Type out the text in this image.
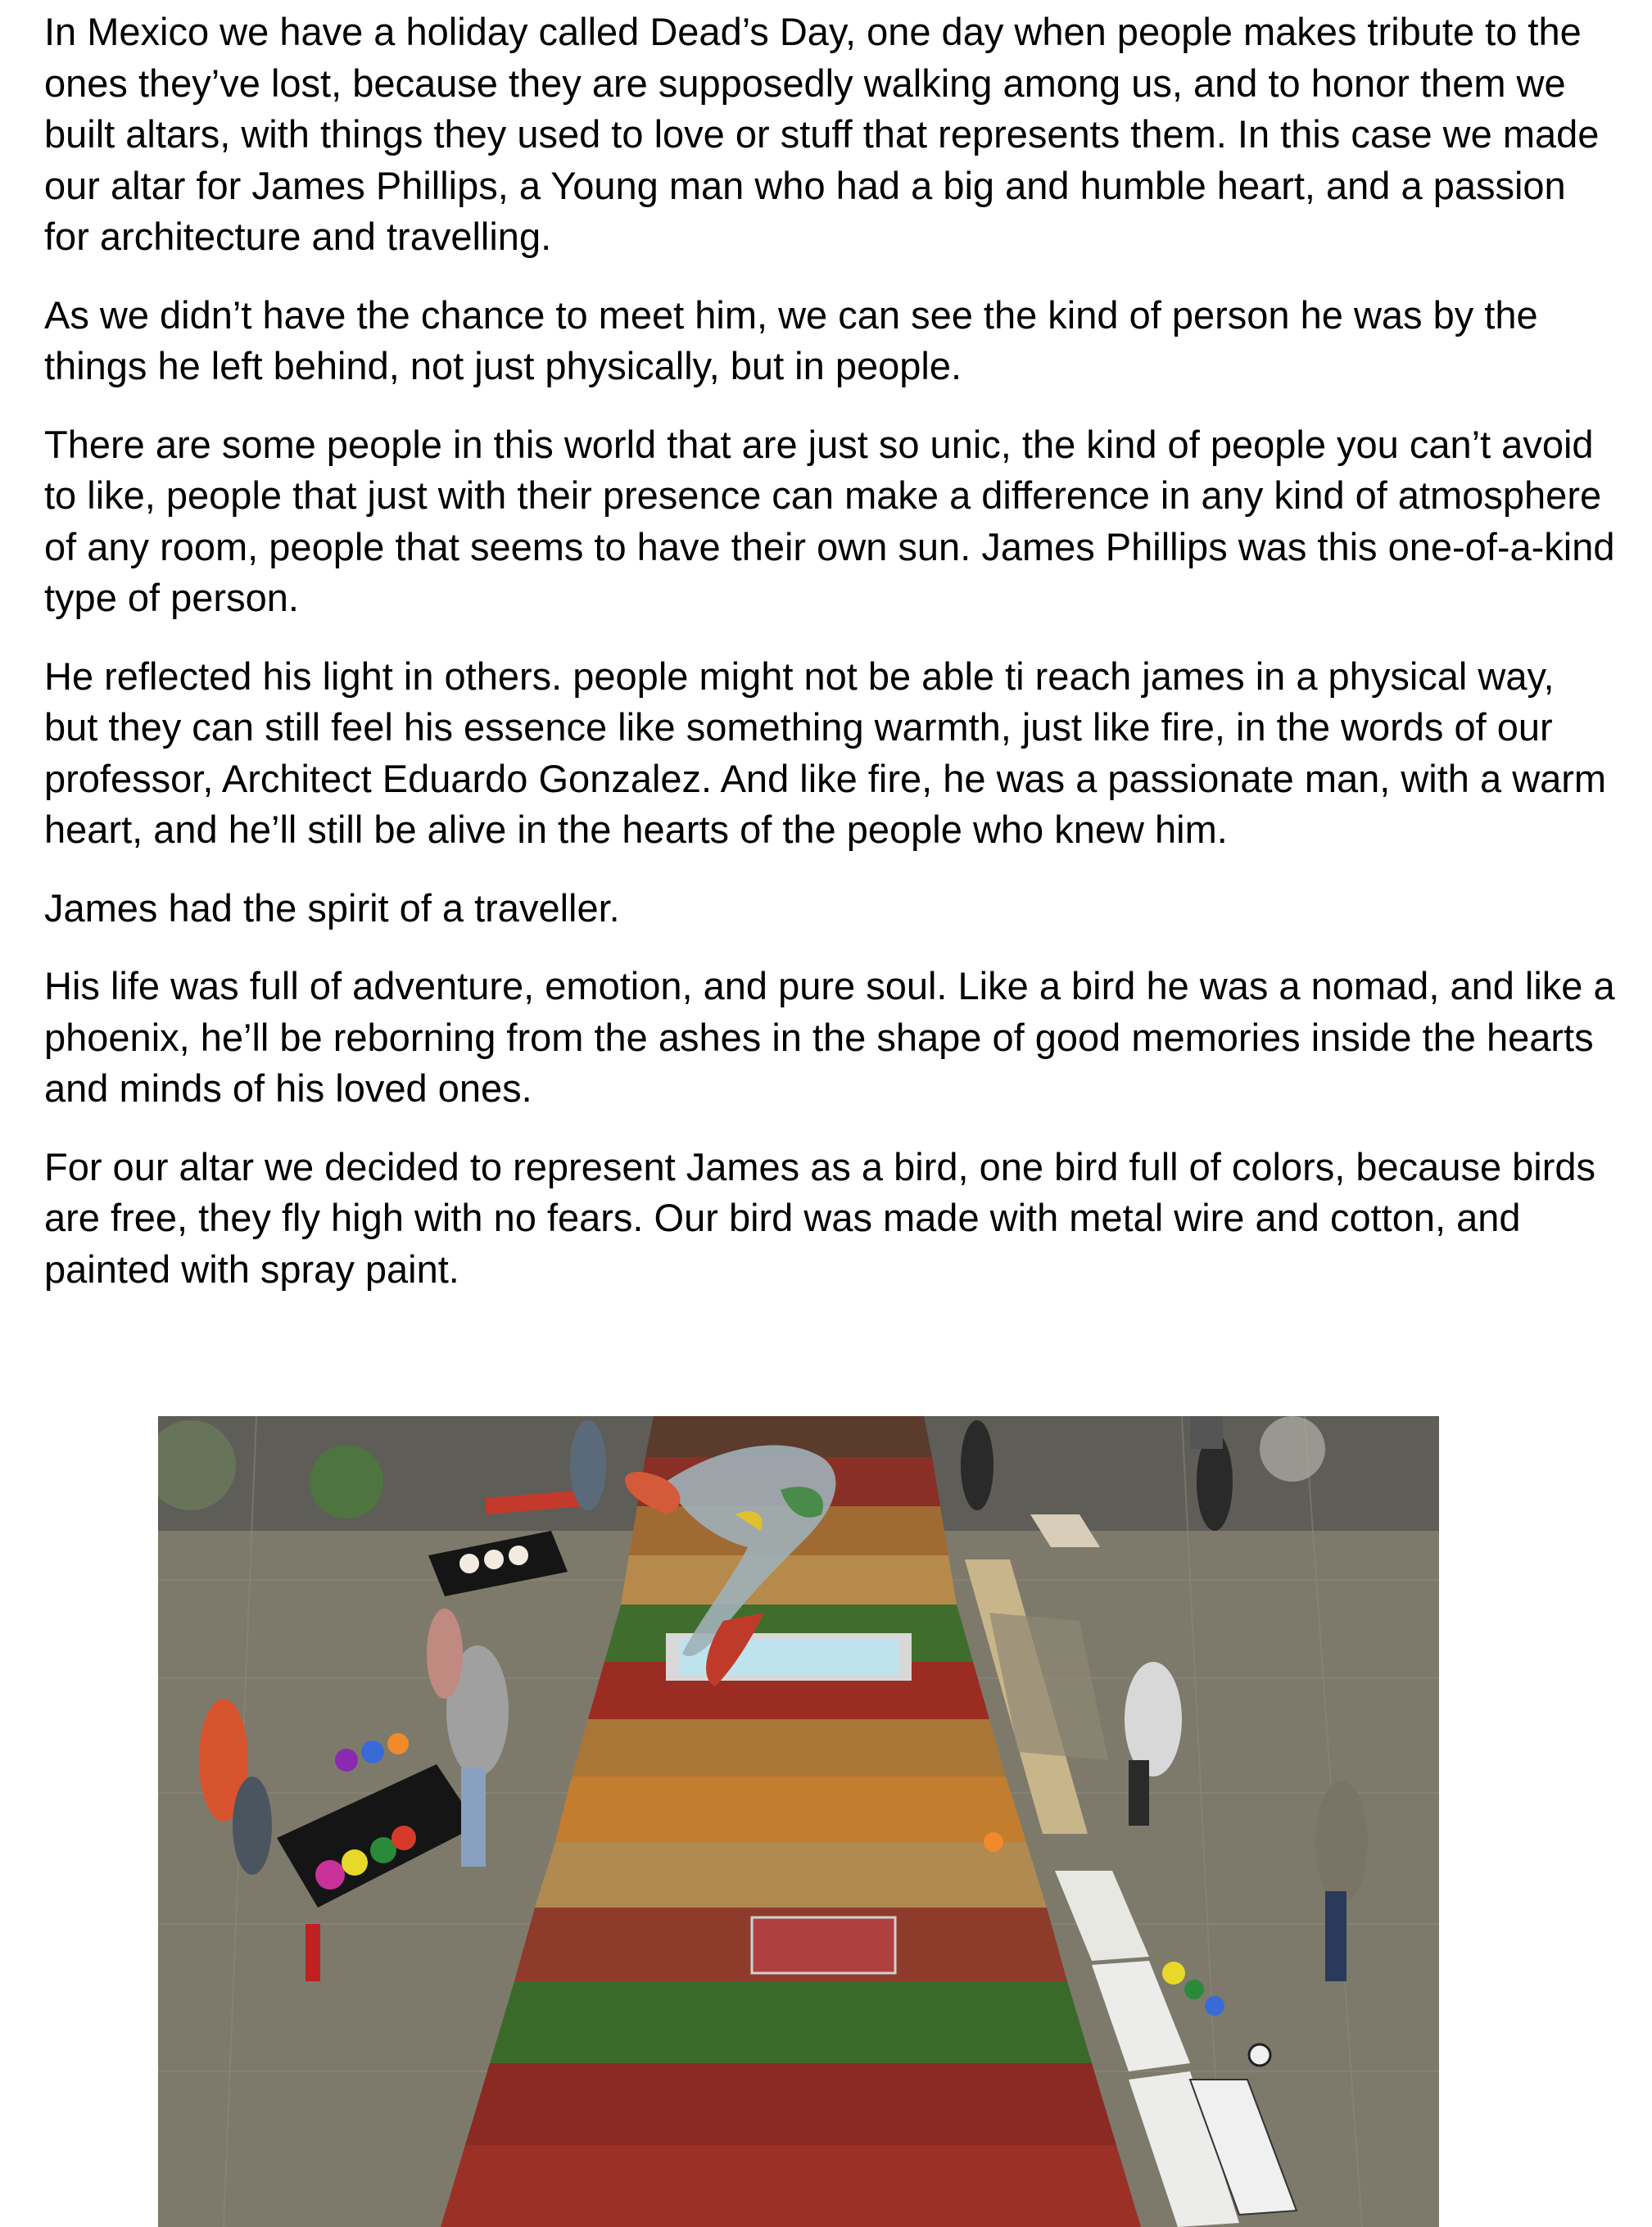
In Mexico we have a holiday called Dead’s Day, one day when people makes tribute to the ones they’ve lost, because they are supposedly walking among us, and to honor them we built altars, with things they used to love or stuff that represents them. In this case we made our altar for James Phillips, a Young man who had a big and humble heart, and a passion for architecture and travelling.

As we didn’t have the chance to meet him, we can see the kind of person he was by the things he left behind, not just physically, but in people.

There are some people in this world that are just so unic, the kind of people you can’t avoid to like, people that just with their presence can make a difference in any kind of atmosphere of any room, people that seems to have their own sun. James Phillips was this one-of-a-kind type of person.

He reflected his light in others. people might not be able ti reach james in a physical way, but they can still feel his essence like something warmth, just like fire, in the words of our professor, Architect Eduardo Gonzalez. And like fire, he was a passionate man, with a warm heart, and he’ll still be alive in the hearts of the people who knew him.

James had the spirit of a traveller.

His life was full of adventure, emotion, and pure soul. Like a bird he was a nomad, and like a phoenix, he’ll be reborning from the ashes in the shape of good memories inside the hearts and minds of his loved ones.

For our altar we decided to represent James as a bird, one bird full of colors, because birds are free, they fly high with no fears. Our bird was made with metal wire and cotton, and painted with spray paint.
